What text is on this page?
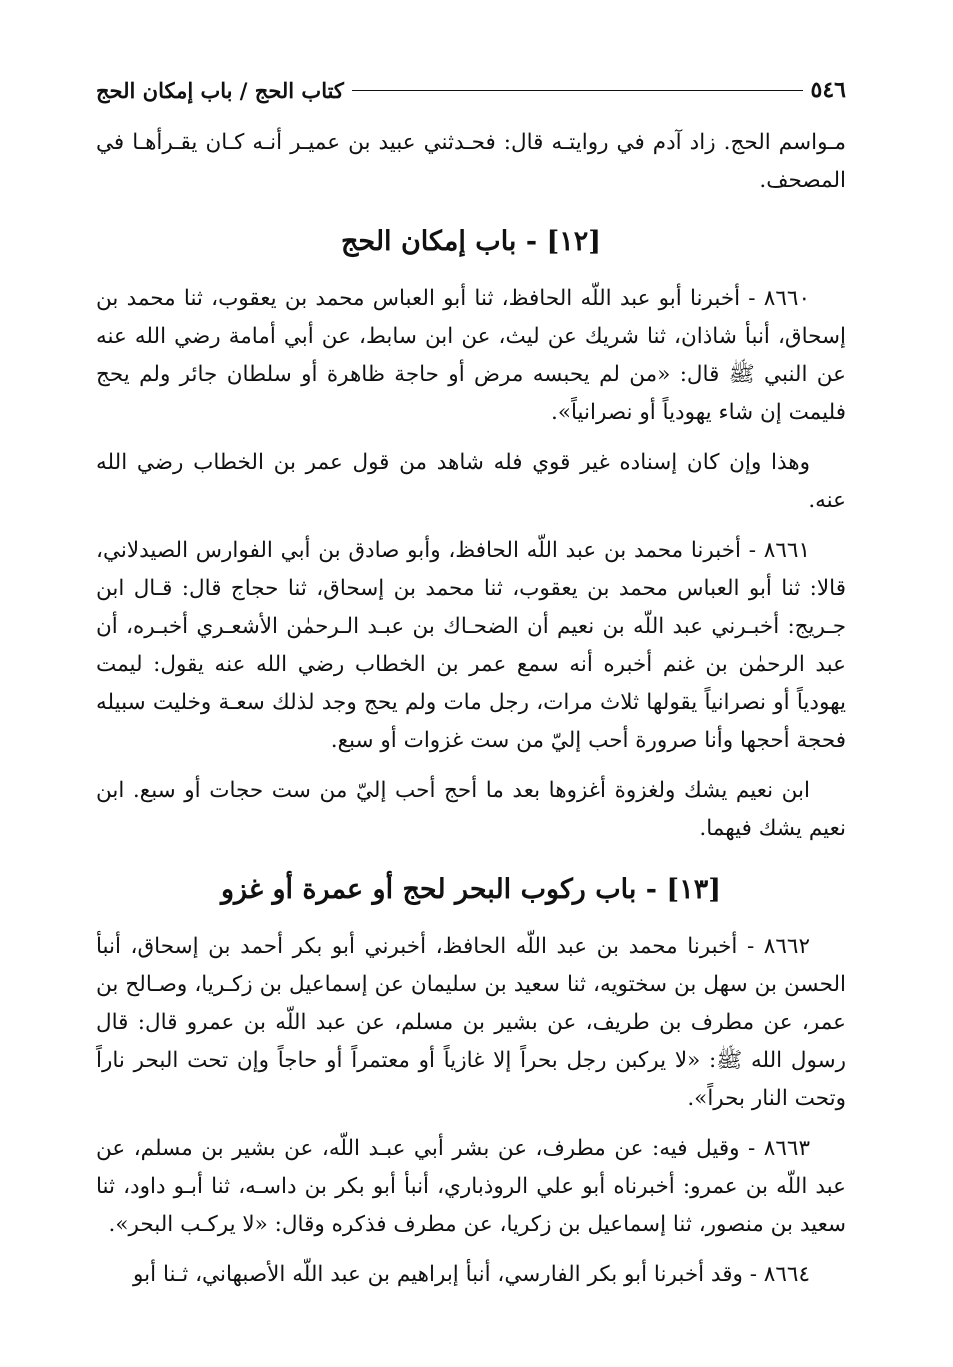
٥٤٦
كتاب الحج / باب إمكان الحج

مـواسم الحج. زاد آدم في روايتـه قال: فحـدثني عبيد بن عميـر أنـه كـان يقـرأهـا في المصحف.

[١٢] - باب إمكان الحج

٨٦٦٠ - أخبرنا أبو عبد اللّه الحافظ، ثنا أبو العباس محمد بن يعقوب، ثنا محمد بن إسحاق، أنبأ شاذان، ثنا شريك عن ليث، عن ابن سابط، عن أبي أمامة رضي الله عنه عن النبي ﷺ قال: «من لم يحبسه مرض أو حاجة ظاهرة أو سلطان جائر ولم يحج فليمت إن شاء يهودياً أو نصرانياً».

وهذا وإن كان إسناده غير قوي فله شاهد من قول عمر بن الخطاب رضي الله عنه.

٨٦٦١ - أخبرنا محمد بن عبد اللّه الحافظ، وأبو صادق بن أبي الفوارس الصيدلاني، قالا: ثنا أبو العباس محمد بن يعقوب، ثنا محمد بن إسحاق، ثنا حجاج قال: قـال ابن جـريج: أخبـرني عبد اللّه بن نعيم أن الضحـاك بن عبـد الـرحمٰن الأشعـري أخبـره، أن عبد الرحمٰن بن غنم أخبره أنه سمع عمر بن الخطاب رضي الله عنه يقول: ليمت يهودياً أو نصرانياً يقولها ثلاث مرات، رجل مات ولم يحج وجد لذلك سعـة وخليت سبيله فحجة أحجها وأنا صرورة أحب إليّ من ست غزوات أو سبع.

ابن نعيم يشك ولغزوة أغزوها بعد ما أحج أحب إليّ من ست حجات أو سبع. ابن نعيم يشك فيهما.

[١٣] - باب ركوب البحر لحج أو عمرة أو غزو

٨٦٦٢ - أخبرنا محمد بن عبد اللّه الحافظ، أخبرني أبو بكر أحمد بن إسحاق، أنبأ الحسن بن سهل بن سختويه، ثنا سعيد بن سليمان عن إسماعيل بن زكـريا، وصـالح بن عمر، عن مطرف بن طريف، عن بشير بن مسلم، عن عبد اللّه بن عمرو قال: قال رسول الله ﷺ: «لا يركبن رجل بحراً إلا غازياً أو معتمراً أو حاجاً وإن تحت البحر ناراً وتحت النار بحراً».

٨٦٦٣ - وقيل فيه: عن مطرف، عن بشر أبي عبـد اللّه، عن بشير بن مسلم، عن عبد اللّه بن عمرو: أخبرناه أبو علي الروذباري، أنبأ أبو بكر بن داسـه، ثنا أبـو داود، ثنا سعيد بن منصور، ثنا إسماعيل بن زكريا، عن مطرف فذكره وقال: «لا يركـب البحر».

٨٦٦٤ - وقد أخبرنا أبو بكر الفارسي، أنبأ إبراهيم بن عبد اللّه الأصبهاني، ثـنا أبو
